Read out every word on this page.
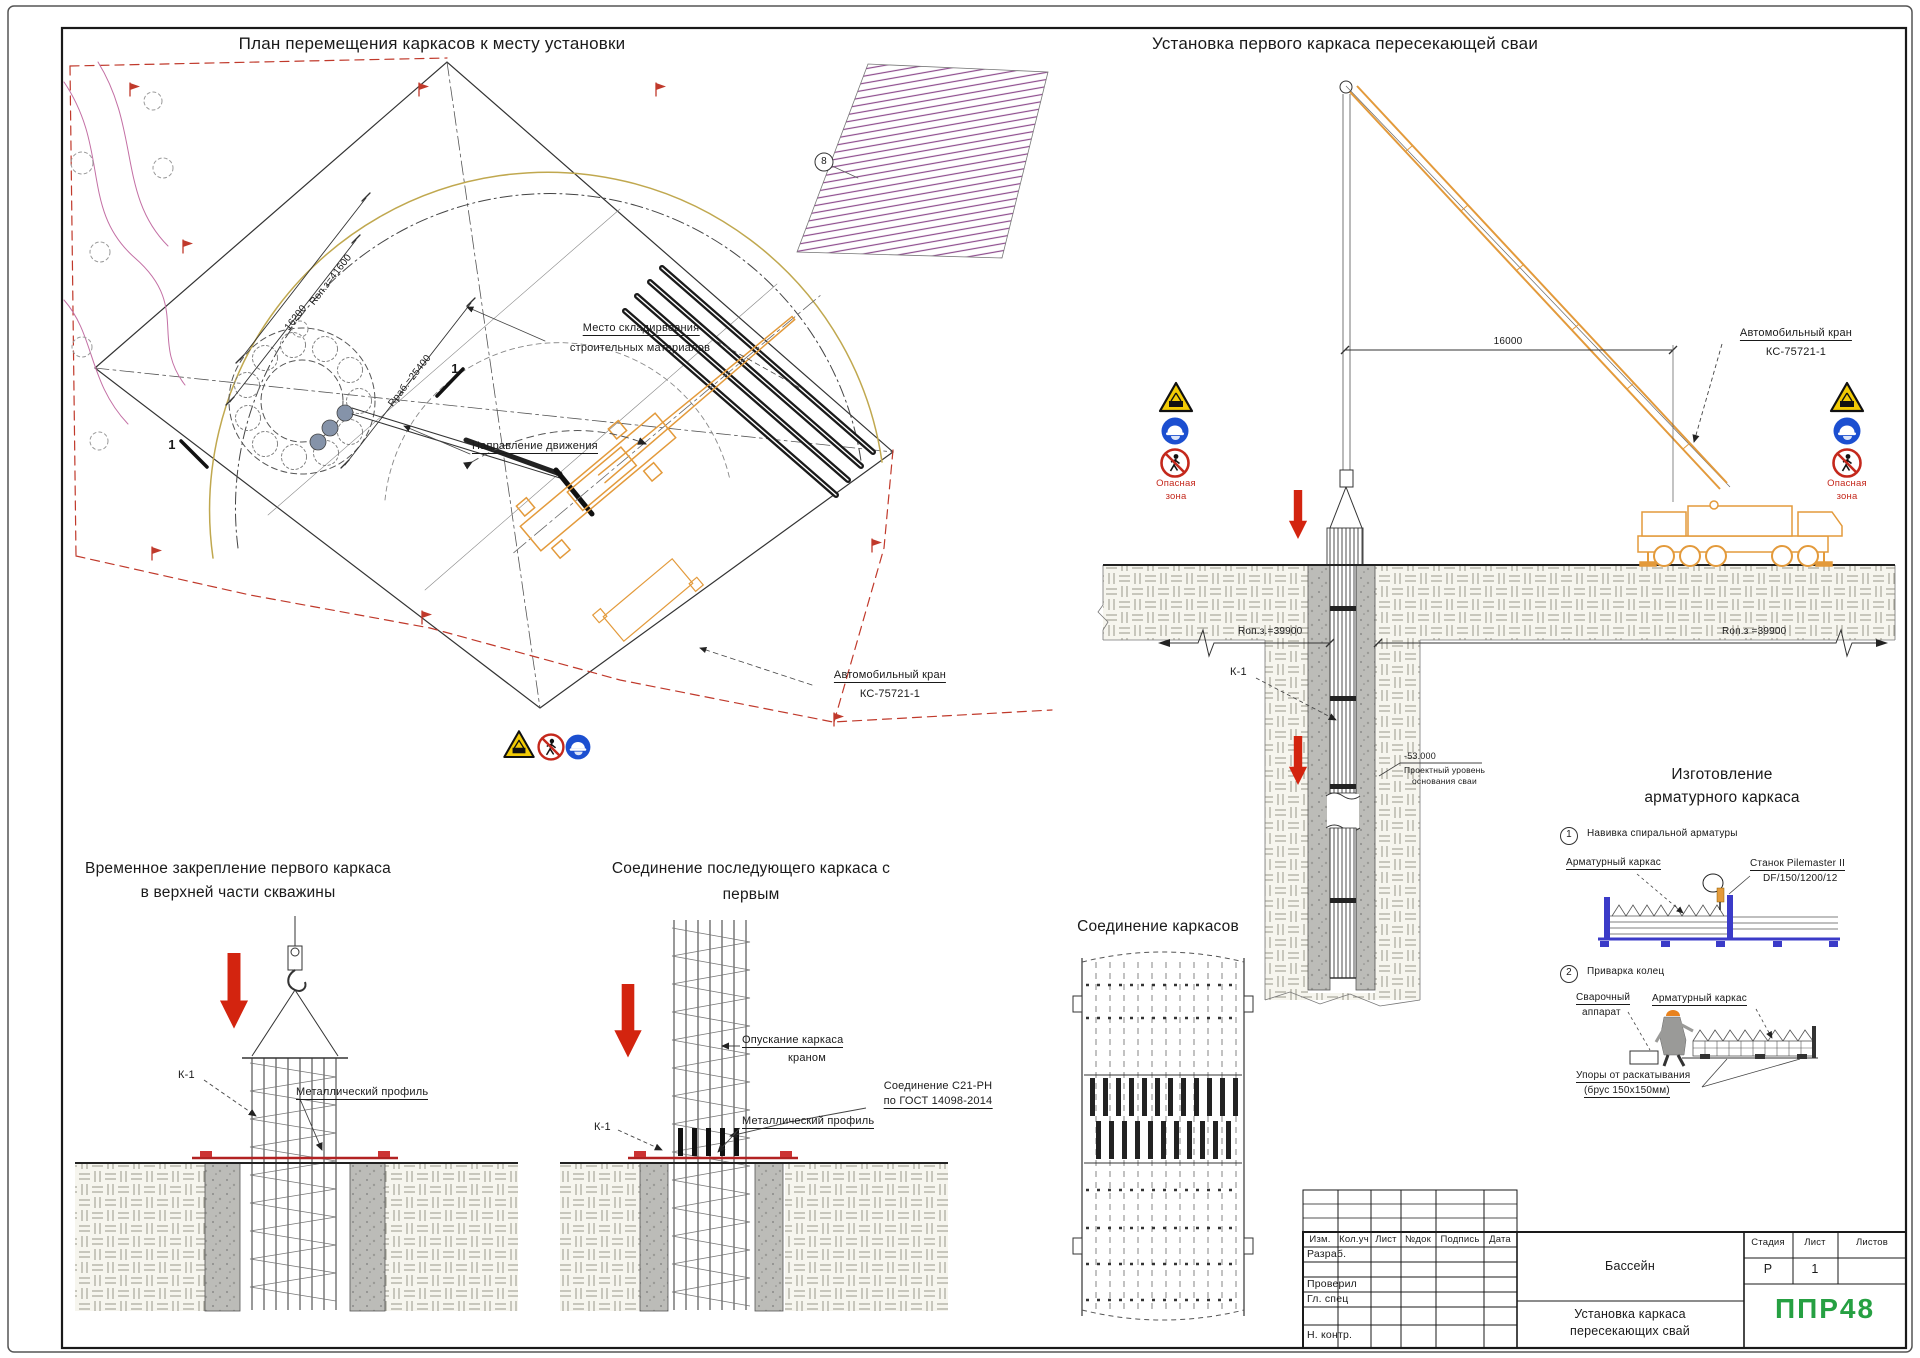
План перемещения каркасов к месту установки
Место складирвоания
строительных материалов
Направление движения
Автомобильный кран
КС-75721-1
Rоп.з=41600
16200
Rраб.=25400 1
1
8
Установка первого каркаса пересекающей сваи
Автомобильный кран
КС-75721-1
16000
Rоп.з.=39900	Rоп.з =39900
К-1
-53.000
Проектный уровень
основания сваи
Опасная
зона
Опасная
зона
Временное закрепление первого каркаса
в верхней части скважины
К-1
Металлический профиль
Соединение последующего каркаса с
первым
Опускание каркаса
краном
Соединение С21-РН
по ГОСТ 14098-2014
Металлический профиль
К-1
Соединение каркасов
Изготовление
арматурного каркаса
1 Навивка спиральной арматуры
Арматурный каркас	Станок Pilemaster II
DF/150/1200/12
2 Приварка колец
Сварочный
аппарат
Арматурный каркас
Упоры от раскатывания
(брус 150х150мм)
Изм. Кол.уч Лист №док Подпись Дата
Разраб.
Проверил
Гл. спец
Н. контр.
Бассейн
Установка каркаса
пересекающих свай
Стадия Лист	Листов
Р	1
ППР48
